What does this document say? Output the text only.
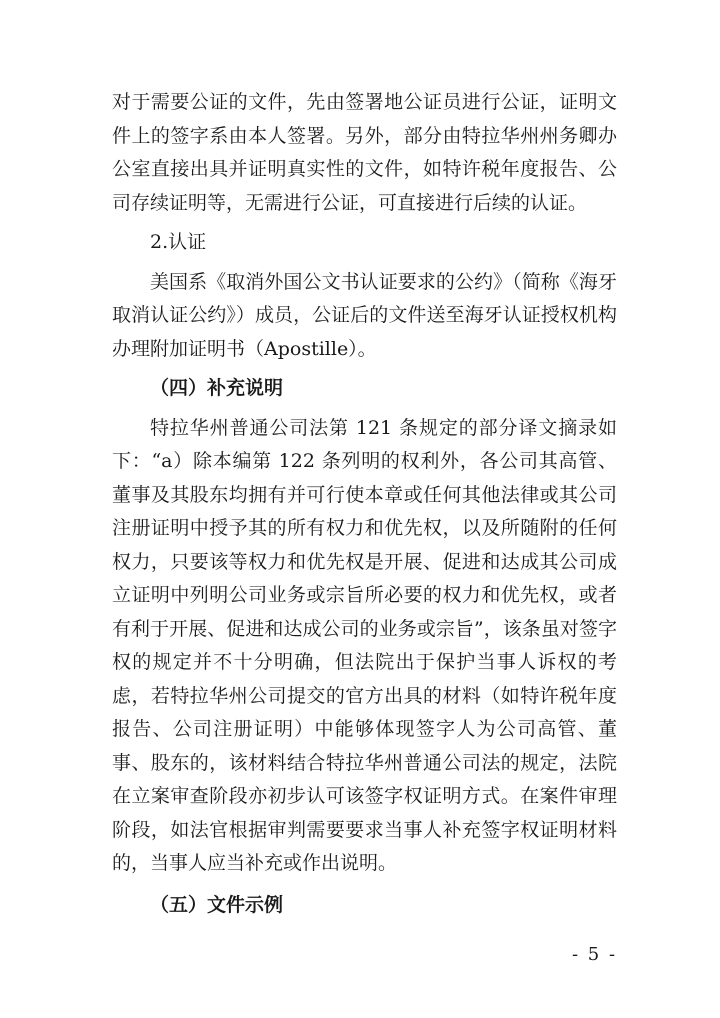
对于需要公证的文件，先由签署地公证员进行公证，证明文件上的签字系由本人签署。另外，部分由特拉华州州务卿办公室直接出具并证明真实性的文件，如特许税年度报告、公司存续证明等，无需进行公证，可直接进行后续的认证。

2.认证

美国系《取消外国公文书认证要求的公约》（简称《海牙取消认证公约》）成员，公证后的文件送至海牙认证授权机构办理附加证明书（Apostille）。

（四）补充说明

特拉华州普通公司法第 121 条规定的部分译文摘录如下：“a）除本编第 122 条列明的权利外，各公司其高管、董事及其股东均拥有并可行使本章或任何其他法律或其公司注册证明中授予其的所有权力和优先权，以及所随附的任何权力，只要该等权力和优先权是开展、促进和达成其公司成立证明中列明公司业务或宗旨所必要的权力和优先权，或者有利于开展、促进和达成公司的业务或宗旨”，该条虽对签字权的规定并不十分明确，但法院出于保护当事人诉权的考虑，若特拉华州公司提交的官方出具的材料（如特许税年度报告、公司注册证明）中能够体现签字人为公司高管、董事、股东的，该材料结合特拉华州普通公司法的规定，法院在立案审查阶段亦初步认可该签字权证明方式。在案件审理阶段，如法官根据审判需要要求当事人补充签字权证明材料的，当事人应当补充或作出说明。

（五）文件示例

- 5 -
